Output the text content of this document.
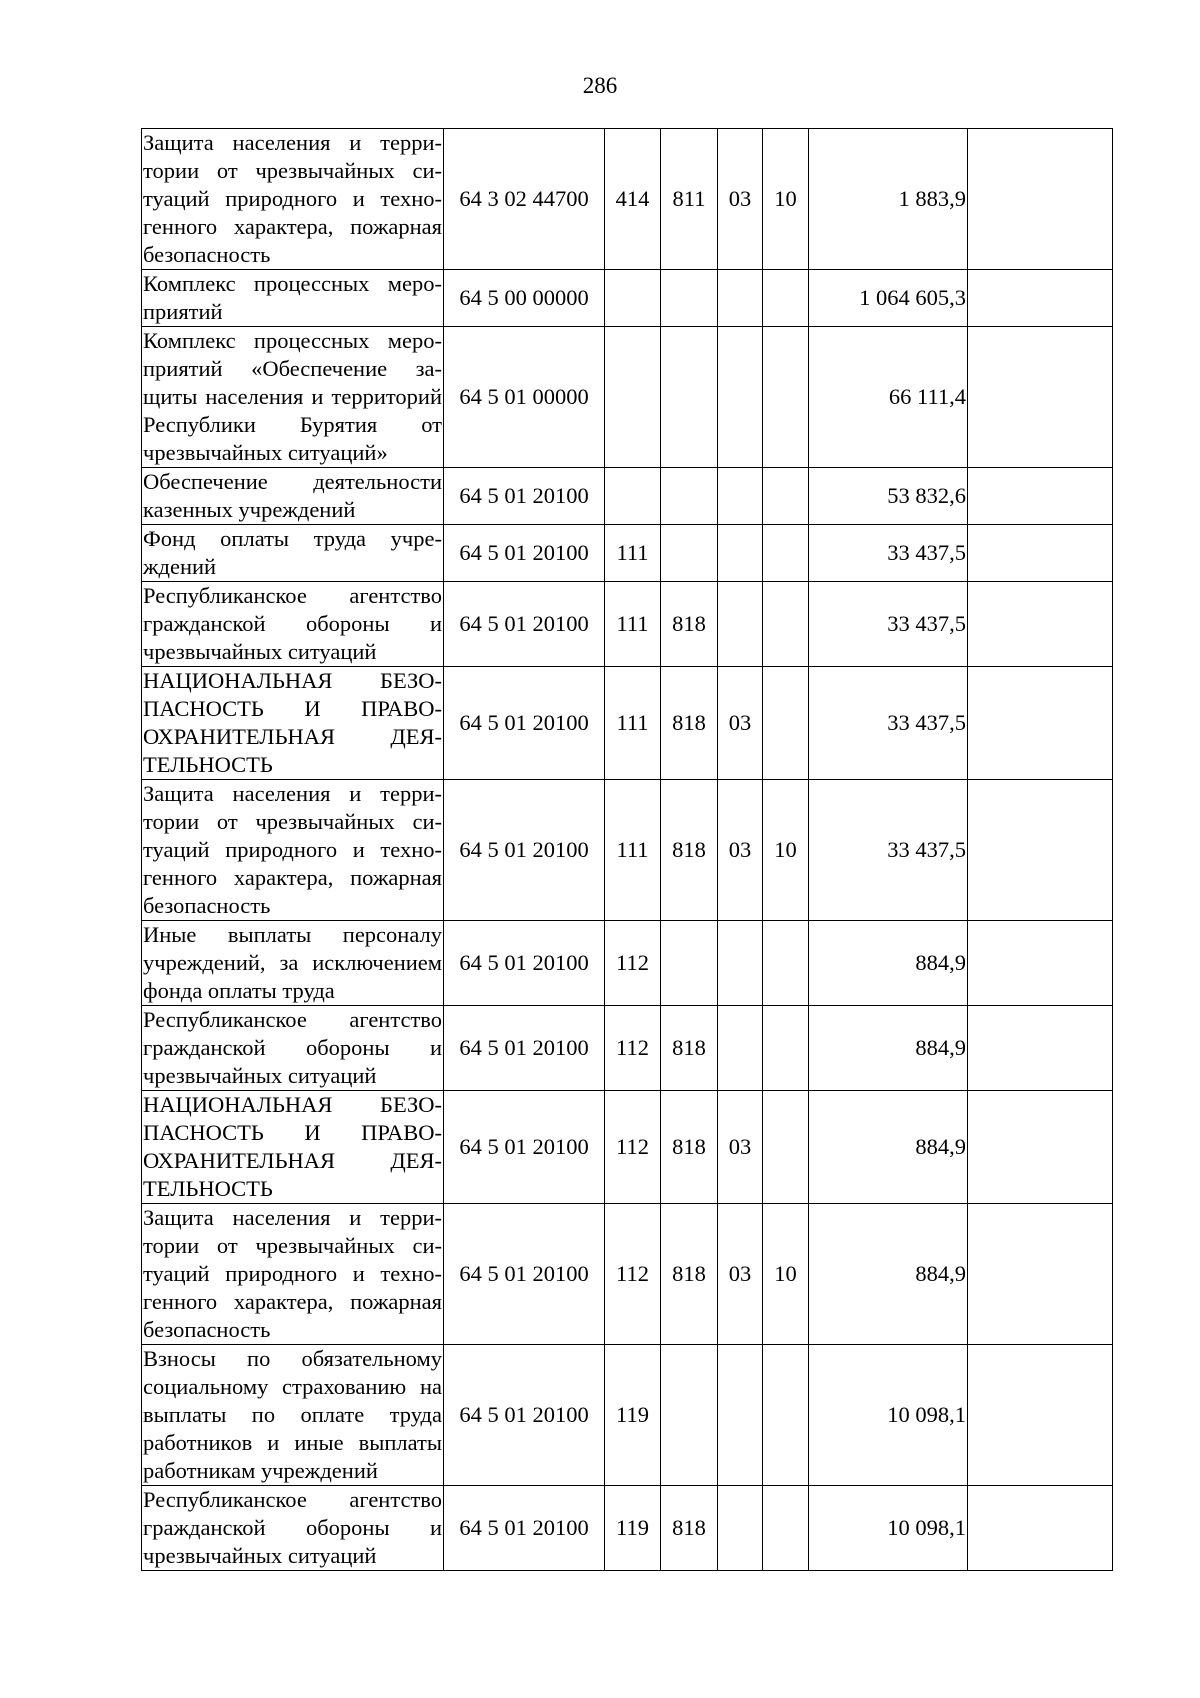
286
Защита населения и территории от чрезвычайных ситуаций природного и техногенного характера, пожарная безопасность	64 3 02 44700	414	811	03	10	1 883,9	
Комплекс процессных мероприятий	64 5 00 00000					1 064 605,3	
Комплекс процессных мероприятий «Обеспечение защиты населения и территорий Республики Бурятия от чрезвычайных ситуаций»	64 5 01 00000					66 111,4	
Обеспечение деятельности казенных учреждений	64 5 01 20100					53 832,6	
Фонд оплаты труда учреждений	64 5 01 20100	111				33 437,5	
Республиканское агентство гражданской обороны и чрезвычайных ситуаций	64 5 01 20100	111	818			33 437,5	
НАЦИОНАЛЬНАЯ БЕЗОПАСНОСТЬ И ПРАВООХРАНИТЕЛЬНАЯ ДЕЯТЕЛЬНОСТЬ	64 5 01 20100	111	818	03		33 437,5	
Защита населения и территории от чрезвычайных ситуаций природного и техногенного характера, пожарная безопасность	64 5 01 20100	111	818	03	10	33 437,5	
Иные выплаты персоналу учреждений, за исключением фонда оплаты труда	64 5 01 20100	112				884,9	
Республиканское агентство гражданской обороны и чрезвычайных ситуаций	64 5 01 20100	112	818			884,9	
НАЦИОНАЛЬНАЯ БЕЗОПАСНОСТЬ И ПРАВООХРАНИТЕЛЬНАЯ ДЕЯТЕЛЬНОСТЬ	64 5 01 20100	112	818	03		884,9	
Защита населения и территории от чрезвычайных ситуаций природного и техногенного характера, пожарная безопасность	64 5 01 20100	112	818	03	10	884,9	
Взносы по обязательному социальному страхованию на выплаты по оплате труда работников и иные выплаты работникам учреждений	64 5 01 20100	119				10 098,1	
Республиканское агентство гражданской обороны и чрезвычайных ситуаций	64 5 01 20100	119	818			10 098,1	
